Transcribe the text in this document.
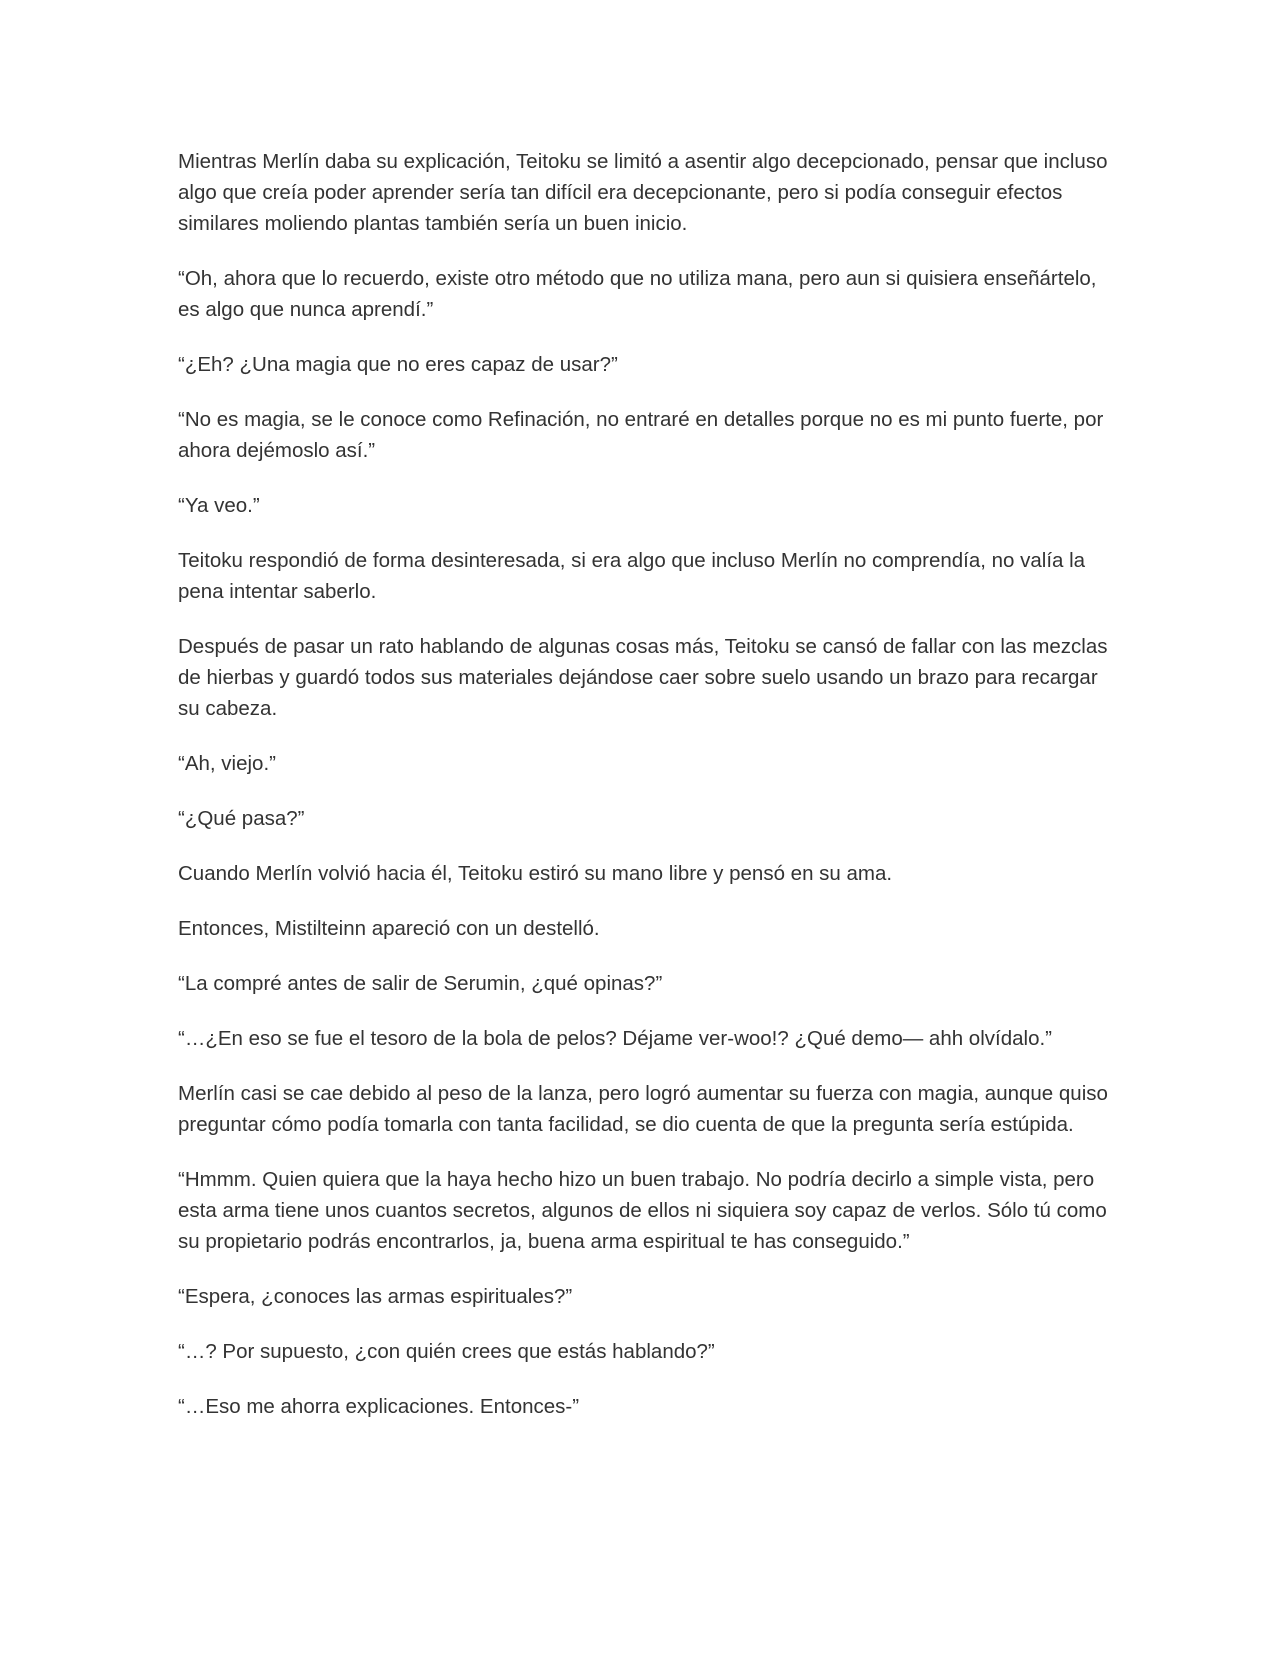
Mientras Merlín daba su explicación, Teitoku se limitó a asentir algo decepcionado, pensar que incluso algo que creía poder aprender sería tan difícil era decepcionante, pero si podía conseguir efectos similares moliendo plantas también sería un buen inicio.

“Oh, ahora que lo recuerdo, existe otro método que no utiliza mana, pero aun si quisiera enseñártelo, es algo que nunca aprendí.”

“¿Eh? ¿Una magia que no eres capaz de usar?”

“No es magia, se le conoce como Refinación, no entraré en detalles porque no es mi punto fuerte, por ahora dejémoslo así.”

“Ya veo.”

Teitoku respondió de forma desinteresada, si era algo que incluso Merlín no comprendía, no valía la pena intentar saberlo.

Después de pasar un rato hablando de algunas cosas más, Teitoku se cansó de fallar con las mezclas de hierbas y guardó todos sus materiales dejándose caer sobre suelo usando un brazo para recargar su cabeza.

“Ah, viejo.”

“¿Qué pasa?”

Cuando Merlín volvió hacia él, Teitoku estiró su mano libre y pensó en su ama.

Entonces, Mistilteinn apareció con un destelló.

“La compré antes de salir de Serumin, ¿qué opinas?”

“…¿En eso se fue el tesoro de la bola de pelos? Déjame ver-woo!? ¿Qué demo— ahh olvídalo.”

Merlín casi se cae debido al peso de la lanza, pero logró aumentar su fuerza con magia, aunque quiso preguntar cómo podía tomarla con tanta facilidad, se dio cuenta de que la pregunta sería estúpida.

“Hmmm. Quien quiera que la haya hecho hizo un buen trabajo. No podría decirlo a simple vista, pero esta arma tiene unos cuantos secretos, algunos de ellos ni siquiera soy capaz de verlos. Sólo tú como su propietario podrás encontrarlos, ja, buena arma espiritual te has conseguido.”

“Espera, ¿conoces las armas espirituales?”

“…? Por supuesto, ¿con quién crees que estás hablando?”

“…Eso me ahorra explicaciones. Entonces-”
